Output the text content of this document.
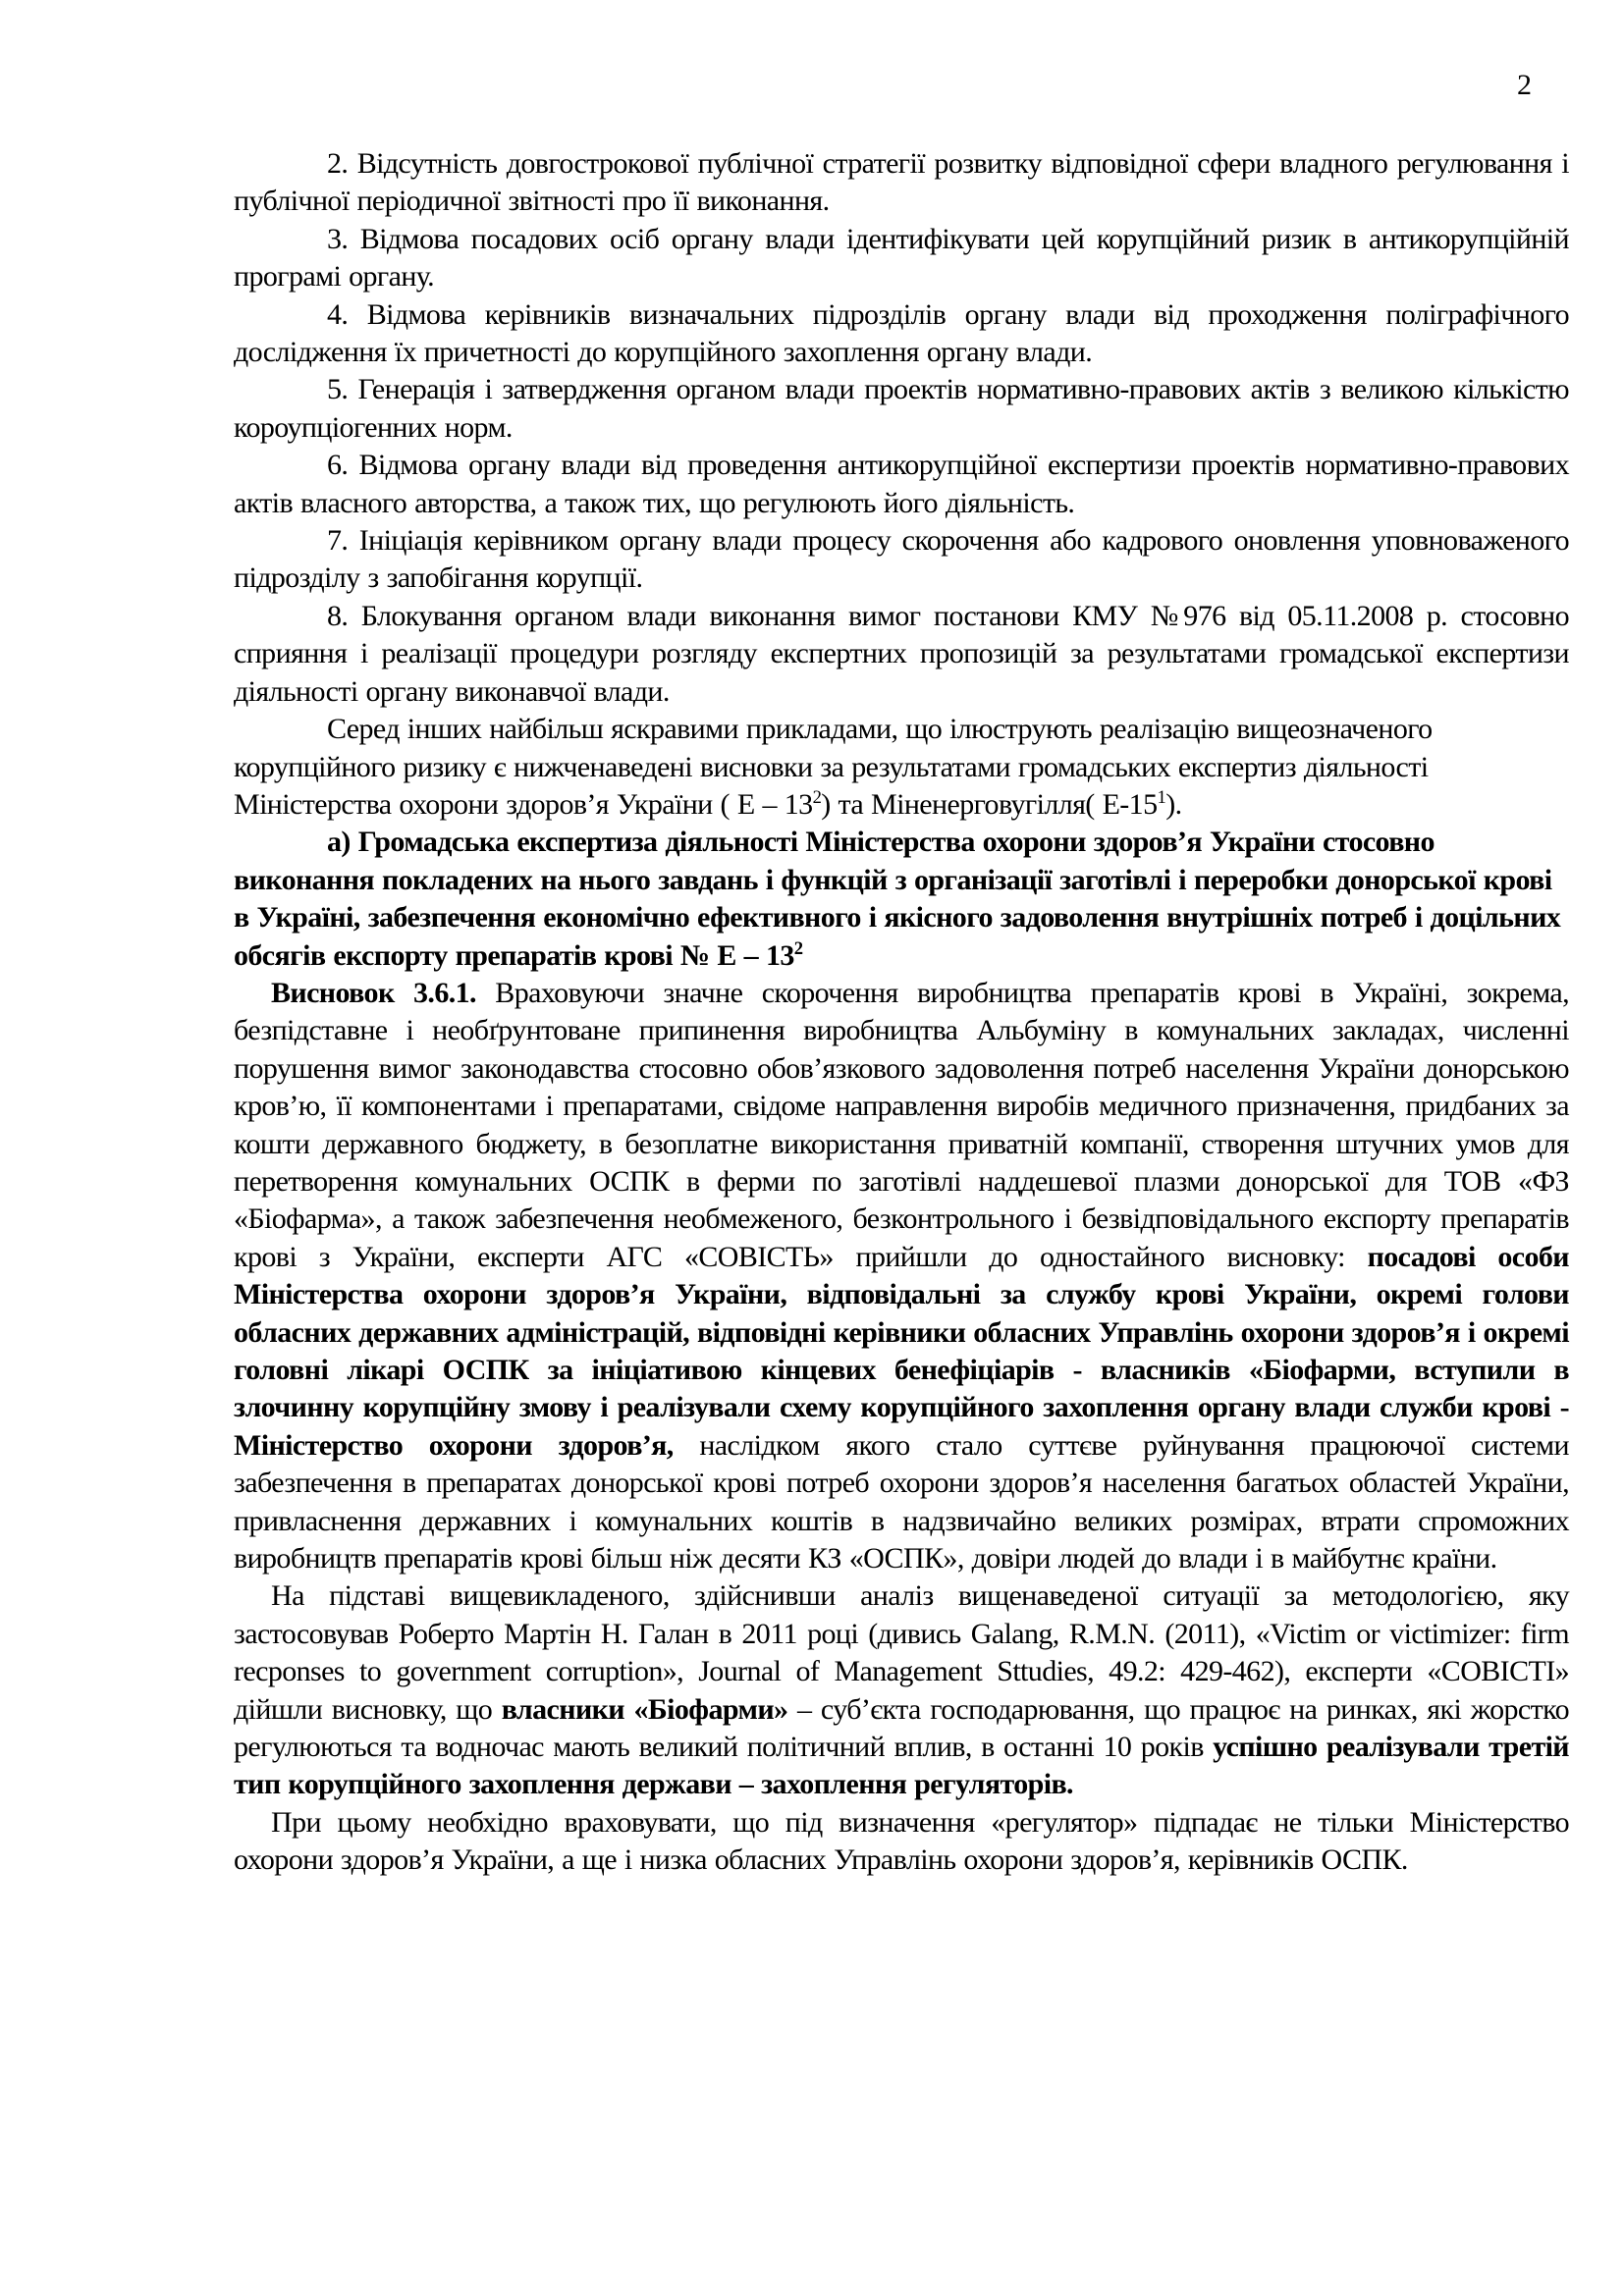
2

2. Відсутність довгострокової публічної стратегії розвитку відповідної сфери владного регулювання і публічної періодичної звітності про її виконання.

3. Відмова посадових осіб органу влади ідентифікувати цей корупційний ризик в антикорупційній програмі органу.

4. Відмова керівників визначальних підрозділів органу влади від проходження поліграфічного дослідження їх причетності до корупційного захоплення органу влади.

5. Генерація і затвердження органом влади проектів нормативно-правових актів з великою кількістю короупціогенних норм.

6. Відмова органу влади від проведення антикорупційної експертизи проектів нормативно-правових актів власного авторства, а також тих, що регулюють його діяльність.

7. Ініціація керівником органу влади процесу скорочення або кадрового оновлення уповноваженого підрозділу з запобігання корупції.

8. Блокування органом влади виконання вимог постанови КМУ №976 від 05.11.2008 р. стосовно сприяння і реалізації процедури розгляду експертних пропозицій за результатами громадської експертизи діяльності органу виконавчої влади.

Серед інших найбільш яскравими прикладами, що ілюструють реалізацію вищеозначеного корупційного ризику є нижченаведені висновки за результатами громадських експертиз діяльності Міністерства охорони здоров’я України ( Е – $13^2$) та Міненерговугілля( $Е-15^1$).

а) Громадська експертиза діяльності Міністерства охорони здоров’я України стосовно виконання покладених на нього завдань і функцій з організації заготівлі і переробки донорської крові в Україні, забезпечення економічно ефективного і якісного задоволення внутрішніх потреб і доцільних обсягів експорту препаратів крові № Е – $13^2$

Висновок 3.6.1. Враховуючи значне скорочення виробництва препаратів крові в Україні, зокрема, безпідставне і необґрунтоване припинення виробництва Альбуміну в комунальних закладах, численні порушення вимог законодавства стосовно обов’язкового задоволення потреб населення України донорською кров’ю, її компонентами і препаратами, свідоме направлення виробів медичного призначення, придбаних за кошти державного бюджету, в безоплатне використання приватній компанії, створення штучних умов для перетворення комунальних ОСПК в ферми по заготівлі наддешевої плазми донорської для ТОВ «ФЗ «Біофарма», а також забезпечення необмеженого, безконтрольного і безвідповідального експорту препаратів крові з України, експерти АГС «СОВІСТЬ» прийшли до одностайного висновку: посадові особи Міністерства охорони здоров’я України, відповідальні за службу крові України, окремі голови обласних державних адміністрацій, відповідні керівники обласних Управлінь охорони здоров’я і окремі головні лікарі ОСПК за ініціативою кінцевих бенефіціарів - власників «Біофарми, вступили в злочинну корупційну змову і реалізували схему корупційного захоплення органу влади служби крові - Міністерство охорони здоров’я, наслідком якого стало суттєве руйнування працюючої системи забезпечення в препаратах донорської крові потреб охорони здоров’я населення багатьох областей України, привласнення державних і комунальних коштів в надзвичайно великих розмірах, втрати спроможних виробництв препаратів крові більш ніж десяти КЗ «ОСПК», довіри людей до влади і в майбутнє країни.

На підставі вищевикладеного, здійснивши аналіз вищенаведеної ситуації за методологією, яку застосовував Роберто Мартін Н. Галан в 2011 році (дивись Galang, R.M.N. (2011), «Victim or victimizer: firm recponses to government corruption», Journal of Management Sttudies, 49.2: 429-462), експерти «СОВІСТІ» дійшли висновку, що власники «Біофарми» – суб’єкта господарювання, що працює на ринках, які жорстко регулюються та водночас мають великий політичний вплив, в останні 10 років успішно реалізували третій тип корупційного захоплення держави – захоплення регуляторів.

При цьому необхідно враховувати, що під визначення «регулятор» підпадає не тільки Міністерство охорони здоров’я України, а ще і низка обласних Управлінь охорони здоров’я, керівників ОСПК.
